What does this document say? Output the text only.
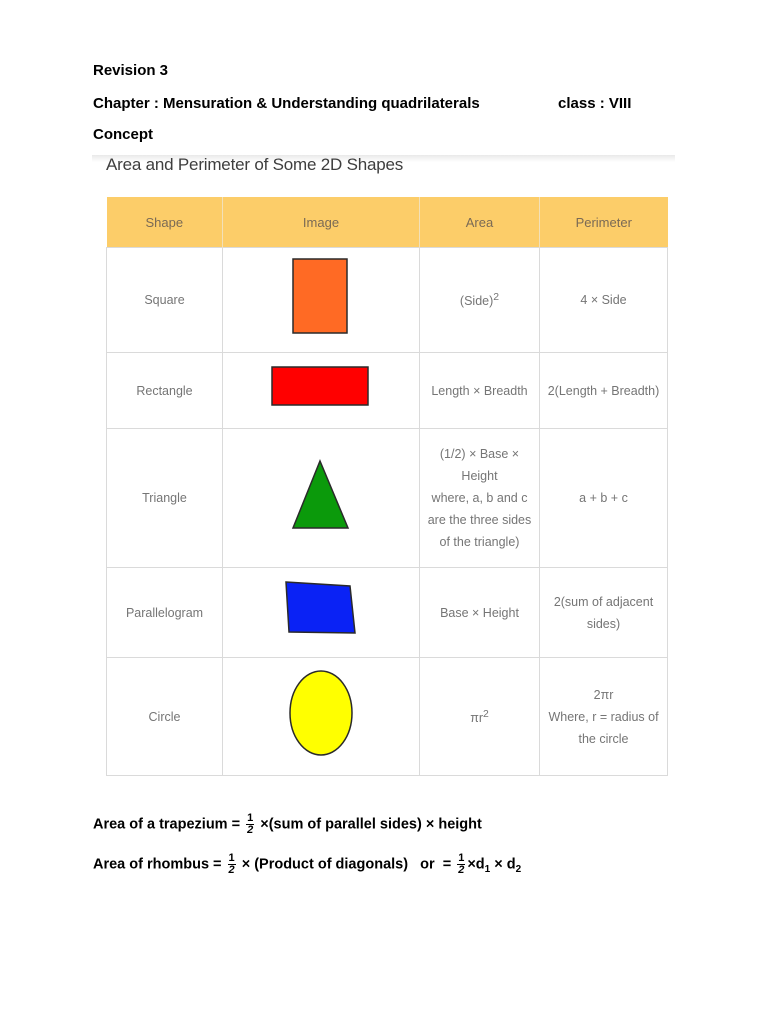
Revision 3
Chapter : Mensuration & Understanding quadrilaterals	class : VIII
Concept
Area and Perimeter of Some 2D Shapes
Shape	Image	Area	Perimeter
Square		(Side)$^2$	4 × Side
Rectangle		Length × Breadth	2(Length + Breadth)
Triangle		(1/2) × Base ×
Height
where, a, b and c
are the three sides
of the triangle)	a + b + c
Parallelogram		Base × Height	2(sum of adjacent
sides)

Circle		$\pi r^2$	2πr
Where, r = radius of
the circle
Area of a trapezium = $\frac{1}{2} \times(sum$ of parallel sides) × height
Area of rhombus = $\frac{1}{2}$ × (Product of diagonals)   or  = $\frac{1}{2} \times d_1 \times d_2$
